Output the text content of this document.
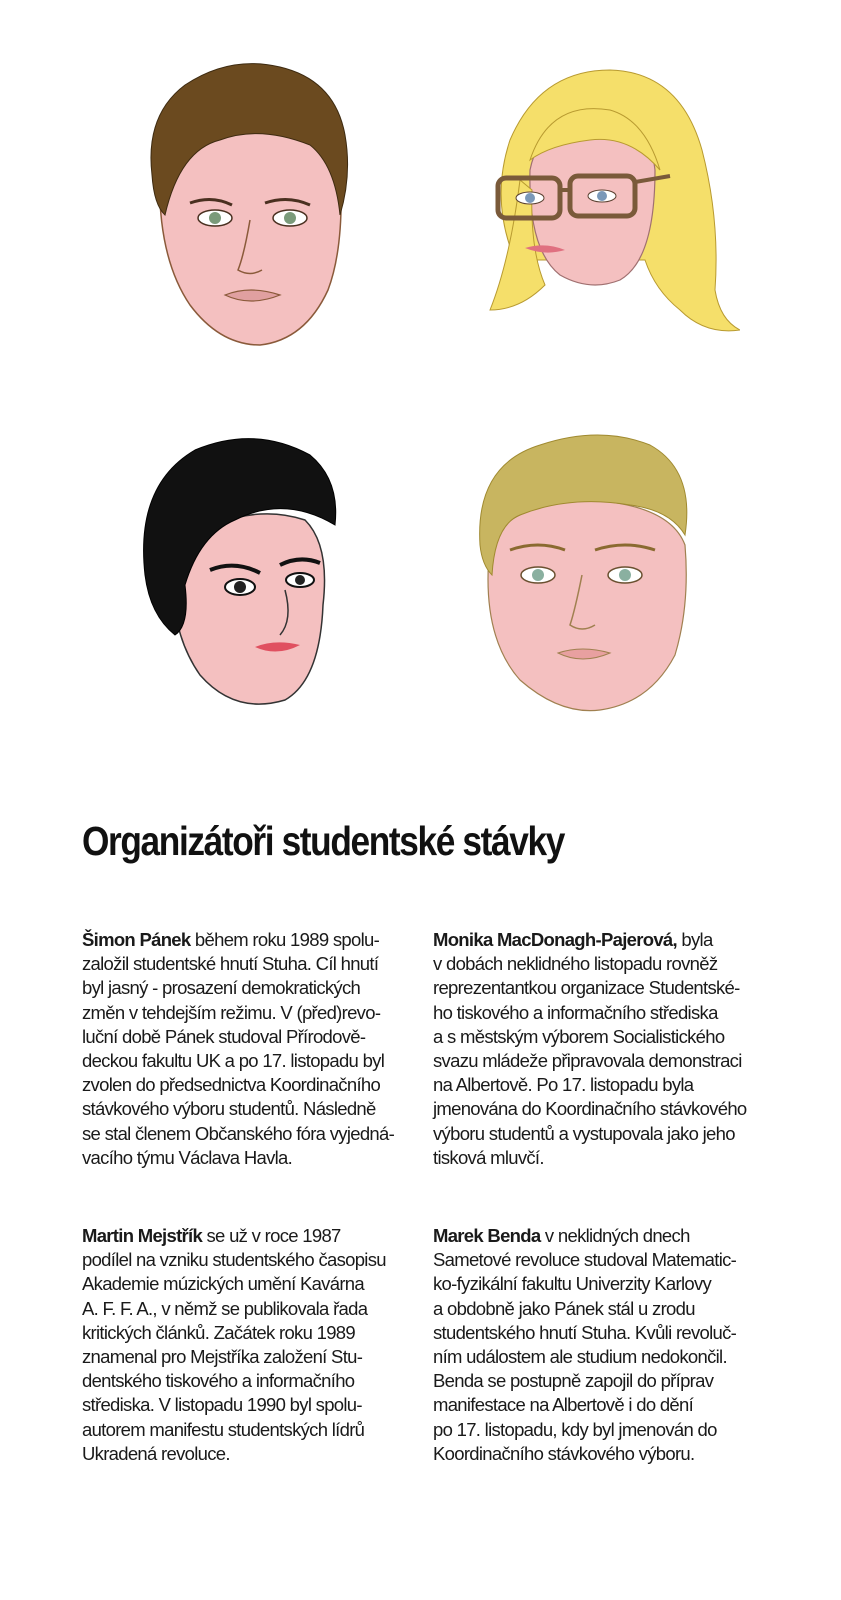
Organizátoři studentské stávky
Šimon Pánek během roku 1989 spolu-
založil studentské hnutí Stuha. Cíl hnutí
byl jasný - prosazení demokratických
změn v tehdejším režimu. V (před)revo-
luční době Pánek studoval Přírodově-
deckou fakultu UK a po 17. listopadu byl
zvolen do předsednictva Koordinačního
stávkového výboru studentů. Následně
se stal členem Občanského fóra vyjedná-
vacího týmu Václava Havla.
Monika MacDonagh-Pajerová, byla
v dobách neklidného listopadu rovněž
reprezentantkou organizace Studentské-
ho tiskového a informačního střediska
a s městským výborem Socialistického
svazu mládeže připravovala demonstraci
na Albertově. Po 17. listopadu byla
jmenována do Koordinačního stávkového
výboru studentů a vystupovala jako jeho
tisková mluvčí.
Martin Mejstřík se už v roce 1987
podílel na vzniku studentského časopisu
Akademie múzických umění Kavárna
A. F. F. A., v němž se publikovala řada
kritických článků. Začátek roku 1989
znamenal pro Mejstříka založení Stu-
dentského tiskového a informačního
střediska. V listopadu 1990 byl spolu-
autorem manifestu studentských lídrů
Ukradená revoluce.
Marek Benda v neklidných dnech
Sametové revoluce studoval Matematic-
ko-fyzikální fakultu Univerzity Karlovy
a obdobně jako Pánek stál u zrodu
studentského hnutí Stuha. Kvůli revoluč-
ním událostem ale studium nedokončil.
Benda se postupně zapojil do příprav
manifestace na Albertově i do dění
po 17. listopadu, kdy byl jmenován do
Koordinačního stávkového výboru.
